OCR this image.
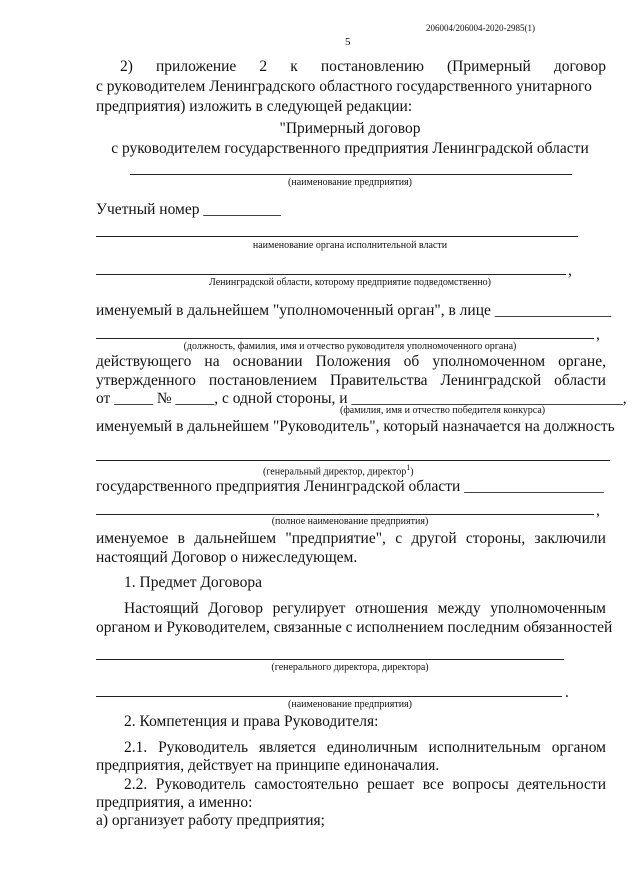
206004/206004-2020-2985(1)
5
2) приложение 2 к постановлению (Примерный договор
с руководителем Ленинградского областного государственного унитарного
предприятия) изложить в следующей редакции:
"Примерный договор
с руководителем государственного предприятия Ленинградской области
(наименование предприятия)
Учетный номер __________
наименование органа исполнительной власти
,
Ленинградской области, которому предприятие подведомственно)
именуемый в дальнейшем "уполномоченный орган", в лице _______________
,
(должность, фамилия, имя и отчество руководителя уполномоченного органа)
действующего на основании Положения об уполномоченном органе,
утвержденного постановлением Правительства Ленинградской области
от _____ № _____, с одной стороны, и ___________________________________,
(фамилия, имя и отчество победителя конкурса)
именуемый в дальнейшем "Руководитель", который назначается на должность
(генеральный директор, директор$^1$)
государственного предприятия Ленинградской области __________________
,
(полное наименование предприятия)
именуемое в дальнейшем "предприятие", с другой стороны, заключили
настоящий Договор о нижеследующем.
1. Предмет Договора
Настоящий Договор регулирует отношения между уполномоченным
органом и Руководителем, связанные с исполнением последним обязанностей
(генерального директора, директора)
.
(наименование предприятия)
2. Компетенция и права Руководителя:
2.1. Руководитель является единоличным исполнительным органом
предприятия, действует на принципе единоначалия.
2.2. Руководитель самостоятельно решает все вопросы деятельности
предприятия, а именно:
а) организует работу предприятия;
